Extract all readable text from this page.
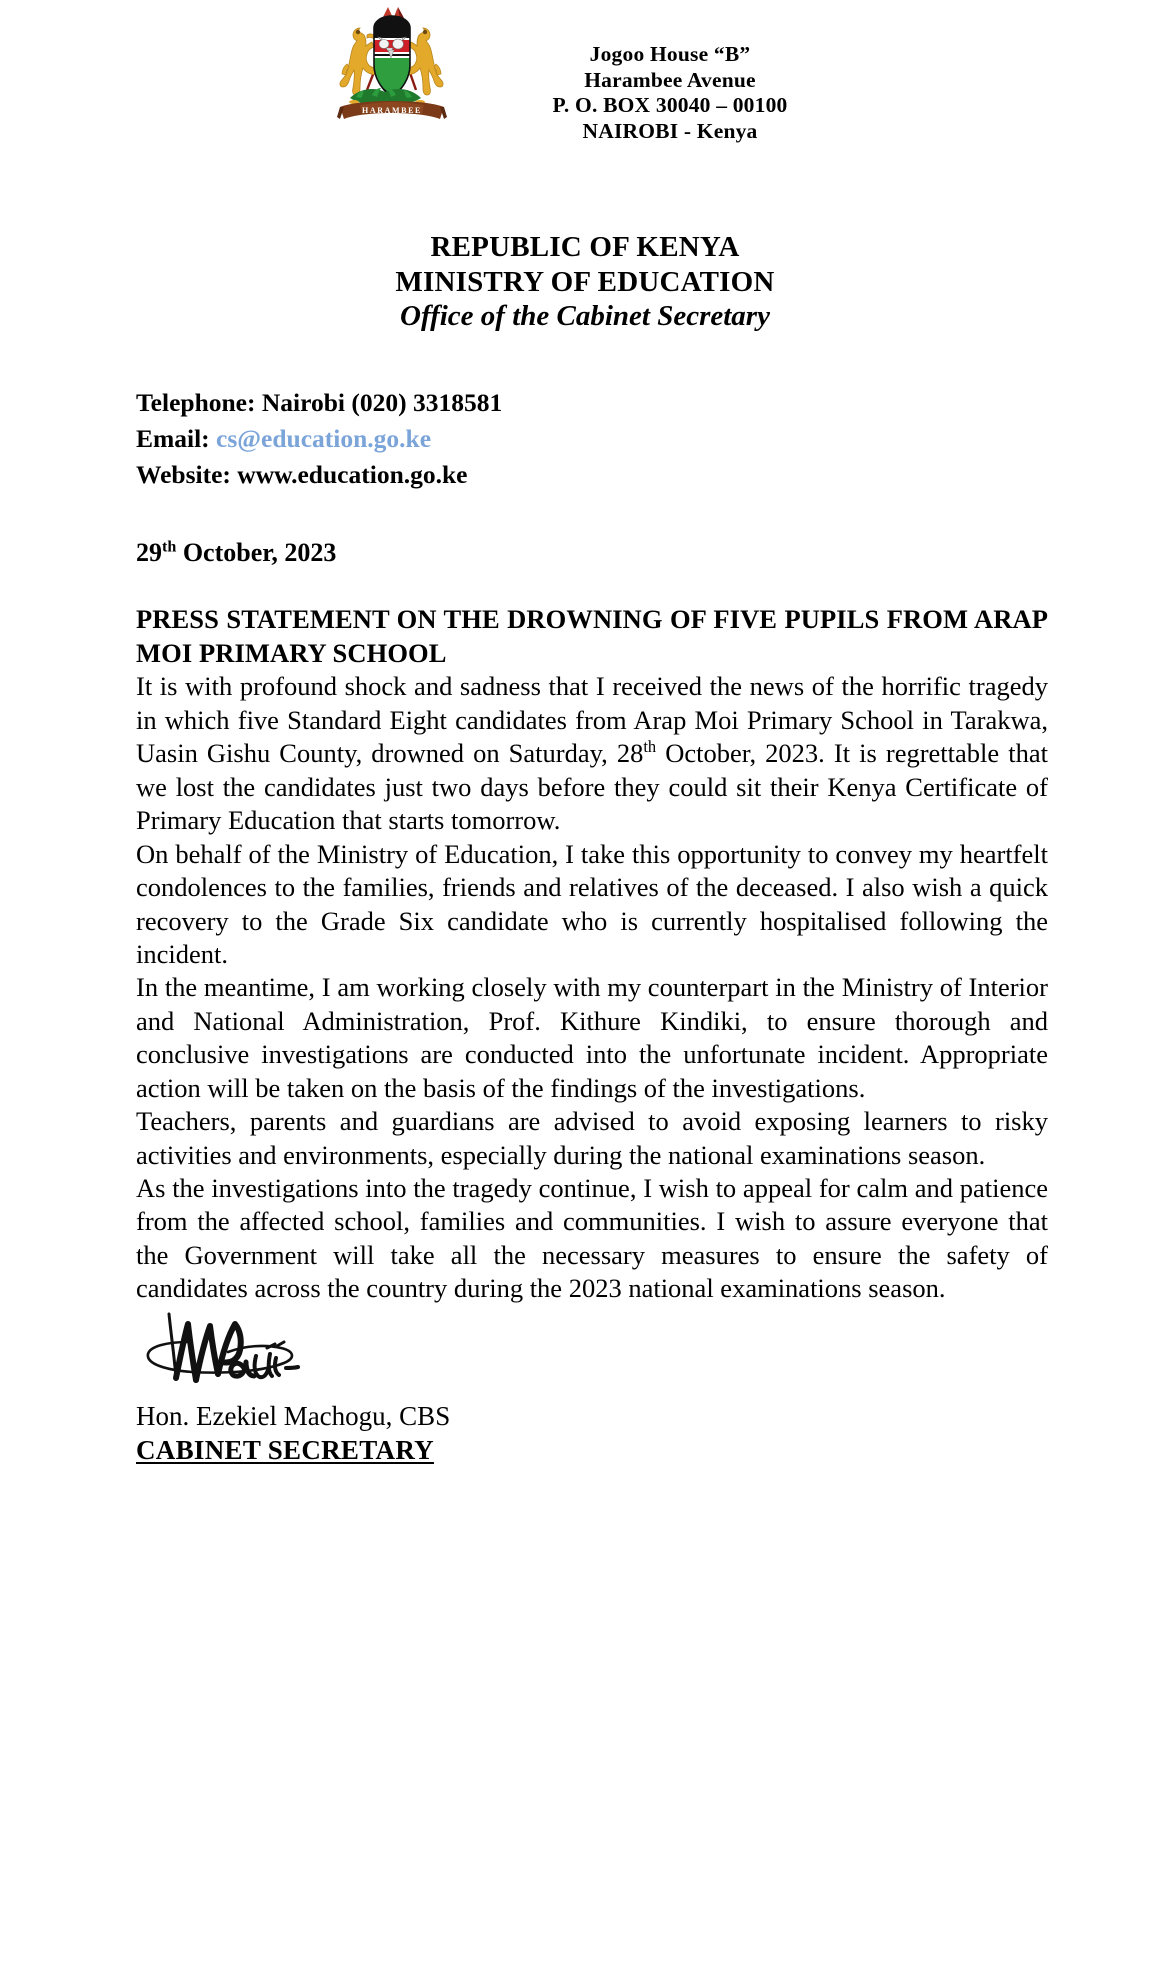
HARAMBEE
Jogoo House “B”
Harambee Avenue
P. O. BOX 30040 – 00100
NAIROBI - Kenya
REPUBLIC OF KENYA
MINISTRY OF EDUCATION
Office of the Cabinet Secretary
Telephone: Nairobi (020) 3318581
Email: cs@education.go.ke
Website: www.education.go.ke
29th October, 2023

PRESS STATEMENT ON THE DROWNING OF FIVE PUPILS FROM ARAP MOI PRIMARY SCHOOL

It is with profound shock and sadness that I received the news of the horrific tragedy in which five Standard Eight candidates from Arap Moi Primary School in Tarakwa, Uasin Gishu County, drowned on Saturday, 28th October, 2023. It is regrettable that we lost the candidates just two days before they could sit their Kenya Certificate of Primary Education that starts tomorrow.

On behalf of the Ministry of Education, I take this opportunity to convey my heartfelt condolences to the families, friends and relatives of the deceased. I also wish a quick recovery to the Grade Six candidate who is currently hospitalised following the incident.

In the meantime, I am working closely with my counterpart in the Ministry of Interior and National Administration, Prof. Kithure Kindiki, to ensure thorough and conclusive investigations are conducted into the unfortunate incident. Appropriate action will be taken on the basis of the findings of the investigations.

Teachers, parents and guardians are advised to avoid exposing learners to risky activities and environments, especially during the national examinations season.

As the investigations into the tragedy continue, I wish to appeal for calm and patience from the affected school, families and communities. I wish to assure everyone that the Government will take all the necessary measures to ensure the safety of candidates across the country during the 2023 national examinations season.

Hon. Ezekiel Machogu, CBS
CABINET SECRETARY
